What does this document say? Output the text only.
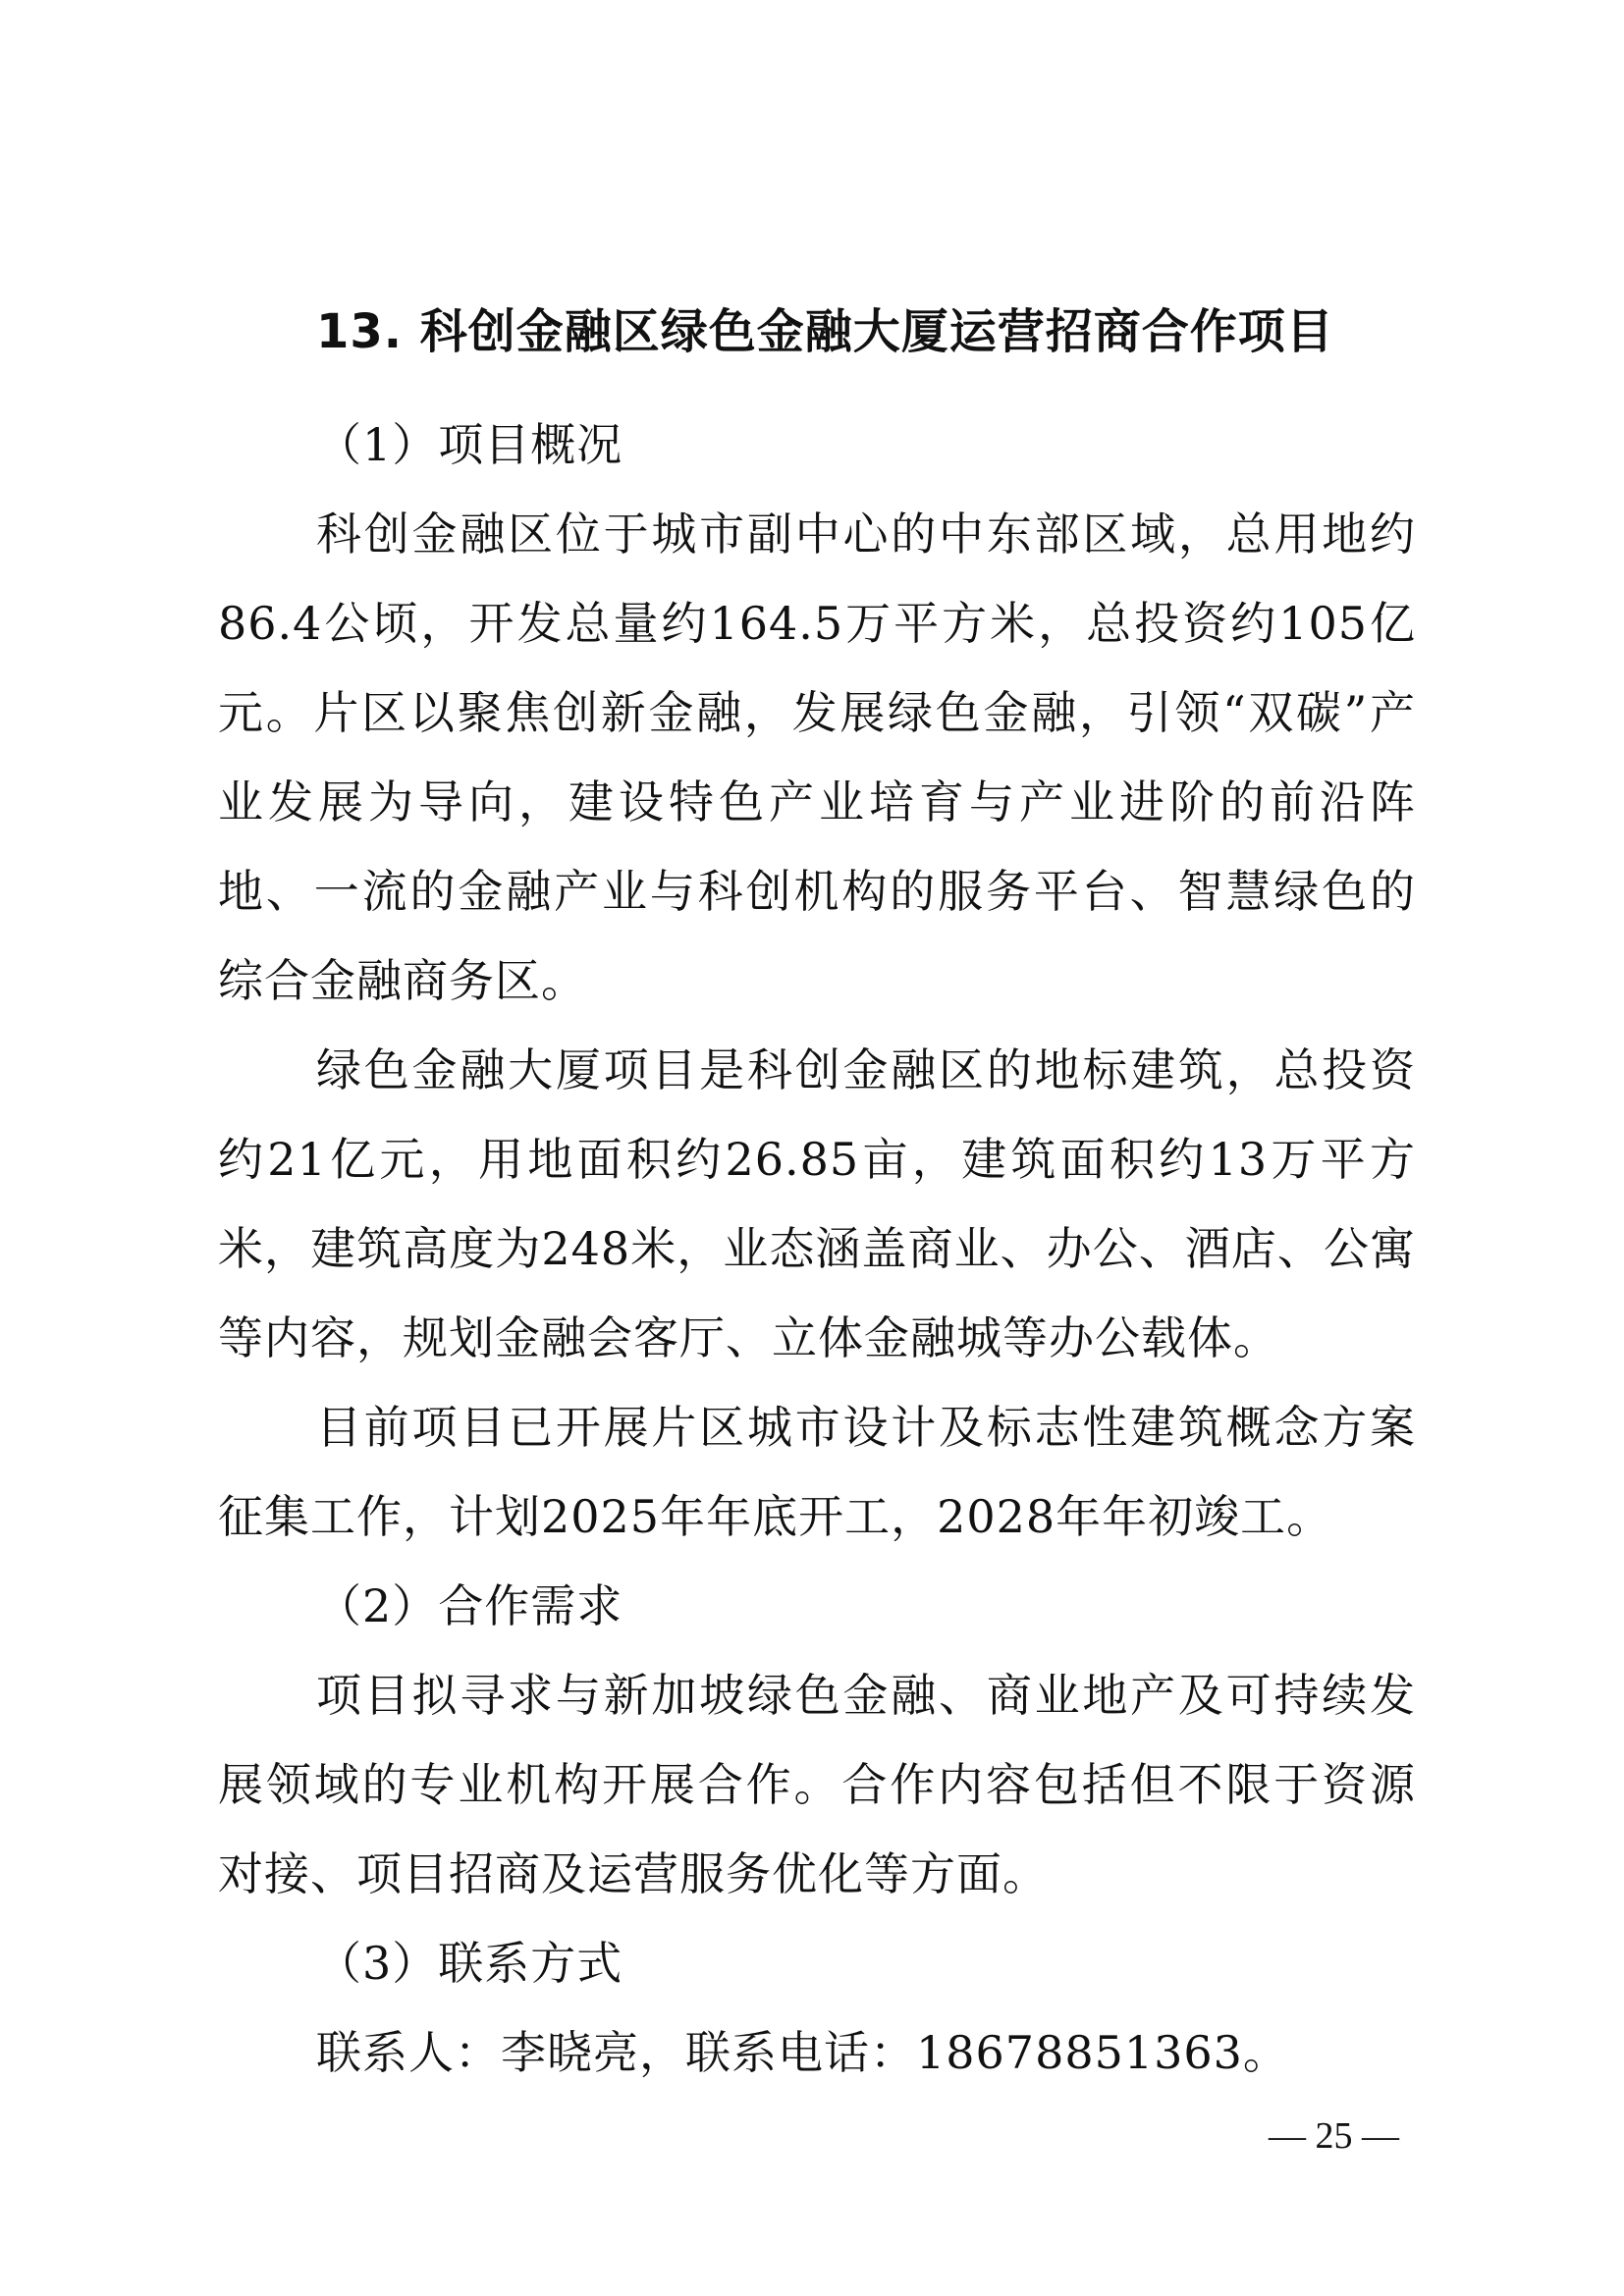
13. 科创金融区绿色金融大厦运营招商合作项目

（1）项目概况

科创金融区位于城市副中心的中东部区域，总用地约86.4公顷，开发总量约164.5万平方米，总投资约105亿元。片区以聚焦创新金融，发展绿色金融，引领“双碳”产业发展为导向，建设特色产业培育与产业进阶的前沿阵地、一流的金融产业与科创机构的服务平台、智慧绿色的综合金融商务区。

绿色金融大厦项目是科创金融区的地标建筑，总投资约21亿元，用地面积约26.85亩，建筑面积约13万平方米，建筑高度为248米，业态涵盖商业、办公、酒店、公寓等内容，规划金融会客厅、立体金融城等办公载体。

目前项目已开展片区城市设计及标志性建筑概念方案征集工作，计划2025年年底开工，2028年年初竣工。

（2）合作需求

项目拟寻求与新加坡绿色金融、商业地产及可持续发展领域的专业机构开展合作。合作内容包括但不限于资源对接、项目招商及运营服务优化等方面。

（3）联系方式

联系人：李晓亮，联系电话：18678851363。

— 25 —
